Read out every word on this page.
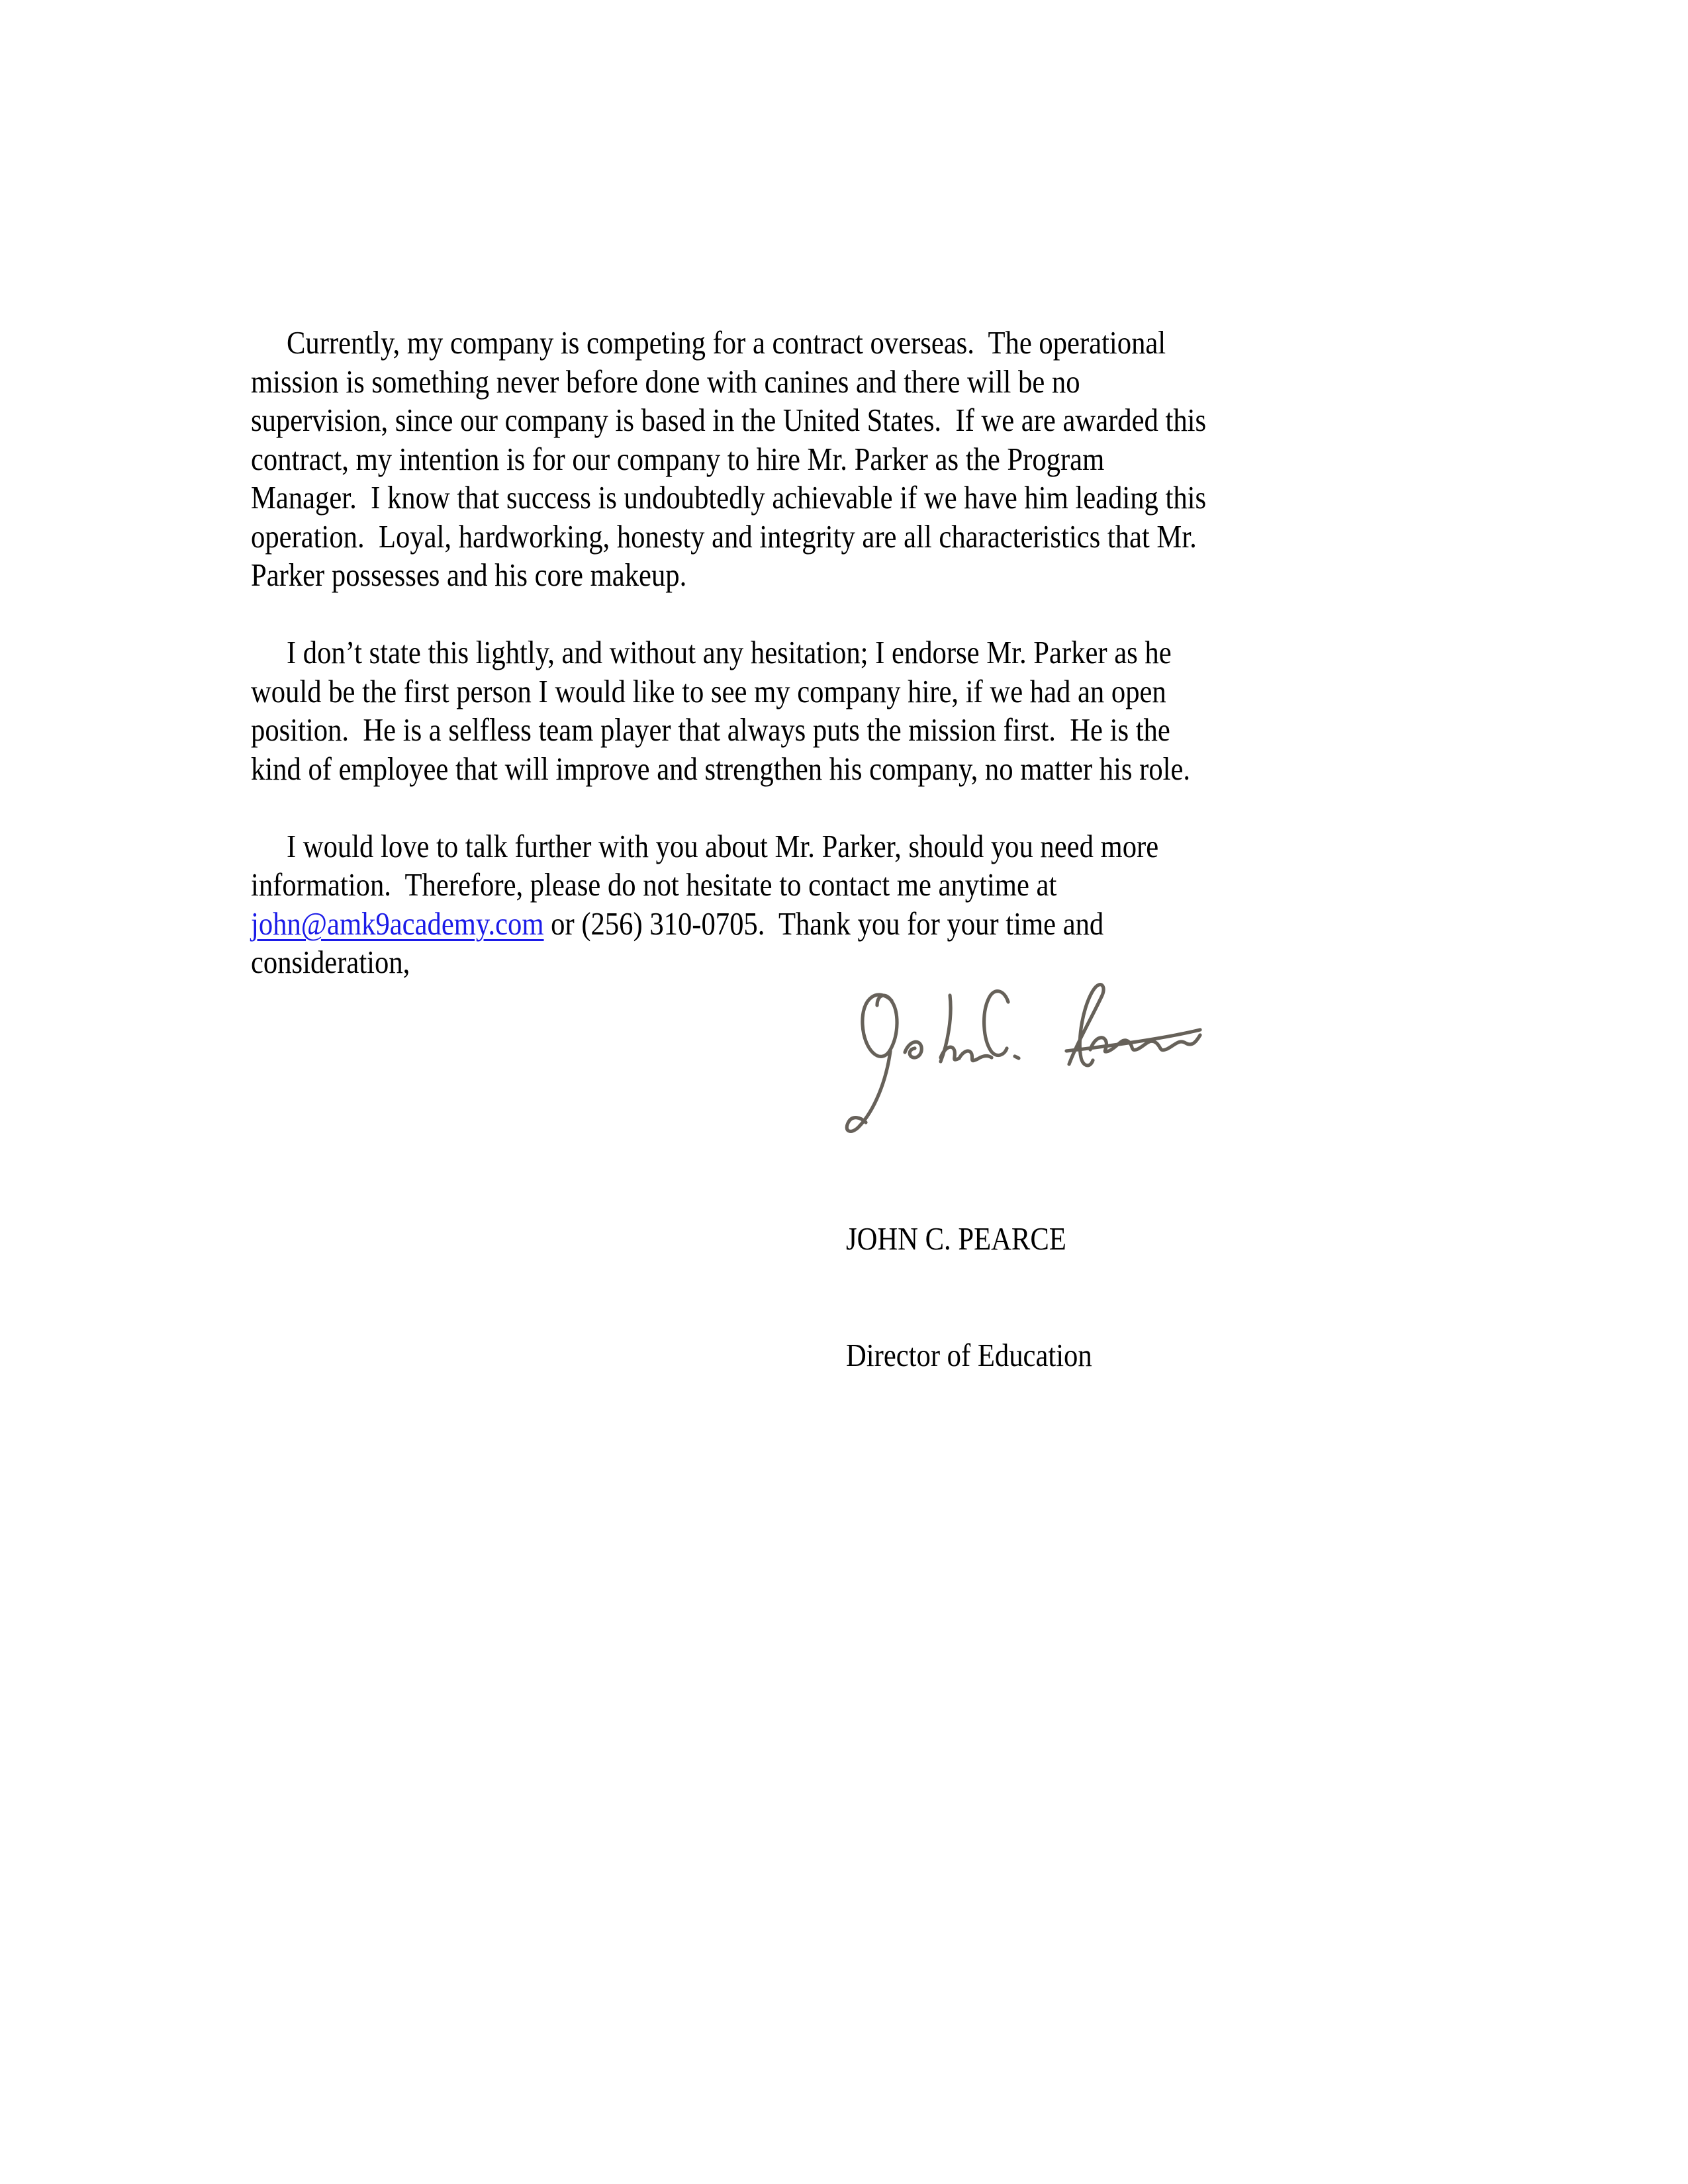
Currently, my company is competing for a contract overseas.  The operational
mission is something never before done with canines and there will be no
supervision, since our company is based in the United States.  If we are awarded this
contract, my intention is for our company to hire Mr. Parker as the Program
Manager.  I know that success is undoubtedly achievable if we have him leading this
operation.  Loyal, hardworking, honesty and integrity are all characteristics that Mr.
Parker possesses and his core makeup.
I don’t state this lightly, and without any hesitation; I endorse Mr. Parker as he
would be the first person I would like to see my company hire, if we had an open
position.  He is a selfless team player that always puts the mission first.  He is the
kind of employee that will improve and strengthen his company, no matter his role.
I would love to talk further with you about Mr. Parker, should you need more
information.  Therefore, please do not hesitate to contact me anytime at
john@amk9academy.com or (256) 310-0705.  Thank you for your time and
consideration,

JOHN C. PEARCE

Director of Education
